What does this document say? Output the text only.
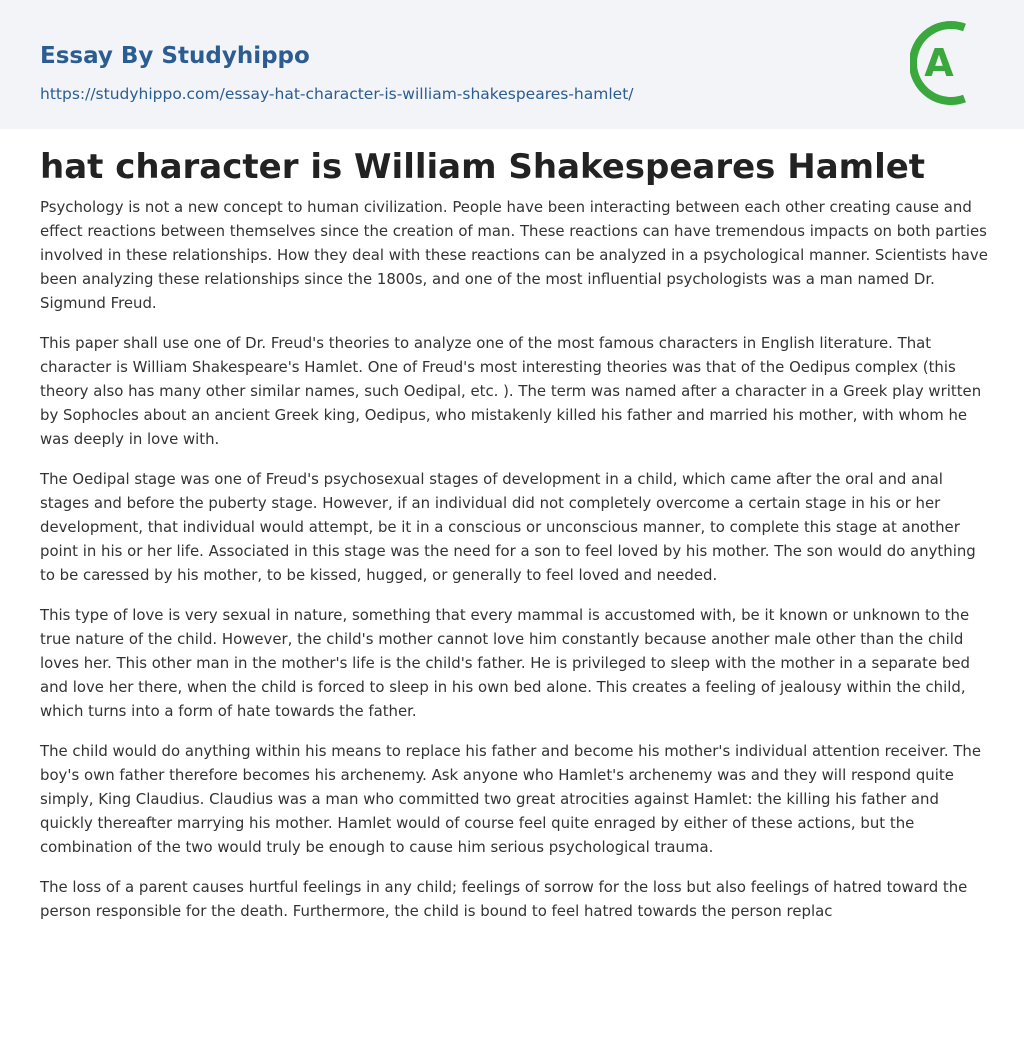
Essay By Studyhippo
https://studyhippo.com/essay-hat-character-is-william-shakespeares-hamlet/
A
hat character is William Shakespeares Hamlet

Psychology is not a new concept to human civilization. People have been interacting between each other creating cause and effect reactions between themselves since the creation of man. These reactions can have tremendous impacts on both parties involved in these relationships. How they deal with these reactions can be analyzed in a psychological manner. Scientists have been analyzing these relationships since the 1800s, and one of the most influential psychologists was a man named Dr. Sigmund Freud.

This paper shall use one of Dr. Freud's theories to analyze one of the most famous characters in English literature. That character is William Shakespeare's Hamlet. One of Freud's most interesting theories was that of the Oedipus complex (this theory also has many other similar names, such Oedipal, etc. ). The term was named after a character in a Greek play written by Sophocles about an ancient Greek king, Oedipus, who mistakenly killed his father and married his mother, with whom he was deeply in love with.

The Oedipal stage was one of Freud's psychosexual stages of development in a child, which came after the oral and anal stages and before the puberty stage. However, if an individual did not completely overcome a certain stage in his or her development, that individual would attempt, be it in a conscious or unconscious manner, to complete this stage at another point in his or her life. Associated in this stage was the need for a son to feel loved by his mother. The son would do anything to be caressed by his mother, to be kissed, hugged, or generally to feel loved and needed.

This type of love is very sexual in nature, something that every mammal is accustomed with, be it known or unknown to the true nature of the child. However, the child's mother cannot love him constantly because another male other than the child loves her. This other man in the mother's life is the child's father. He is privileged to sleep with the mother in a separate bed and love her there, when the child is forced to sleep in his own bed alone. This creates a feeling of jealousy within the child, which turns into a form of hate towards the father.

The child would do anything within his means to replace his father and become his mother's individual attention receiver. The boy's own father therefore becomes his archenemy. Ask anyone who Hamlet's archenemy was and they will respond quite simply, King Claudius. Claudius was a man who committed two great atrocities against Hamlet: the killing his father and quickly thereafter marrying his mother. Hamlet would of course feel quite enraged by either of these actions, but the combination of the two would truly be enough to cause him serious psychological trauma.

The loss of a parent causes hurtful feelings in any child; feelings of sorrow for the loss but also feelings of hatred toward the person responsible for the death. Furthermore, the child is bound to feel hatred towards the person replac
